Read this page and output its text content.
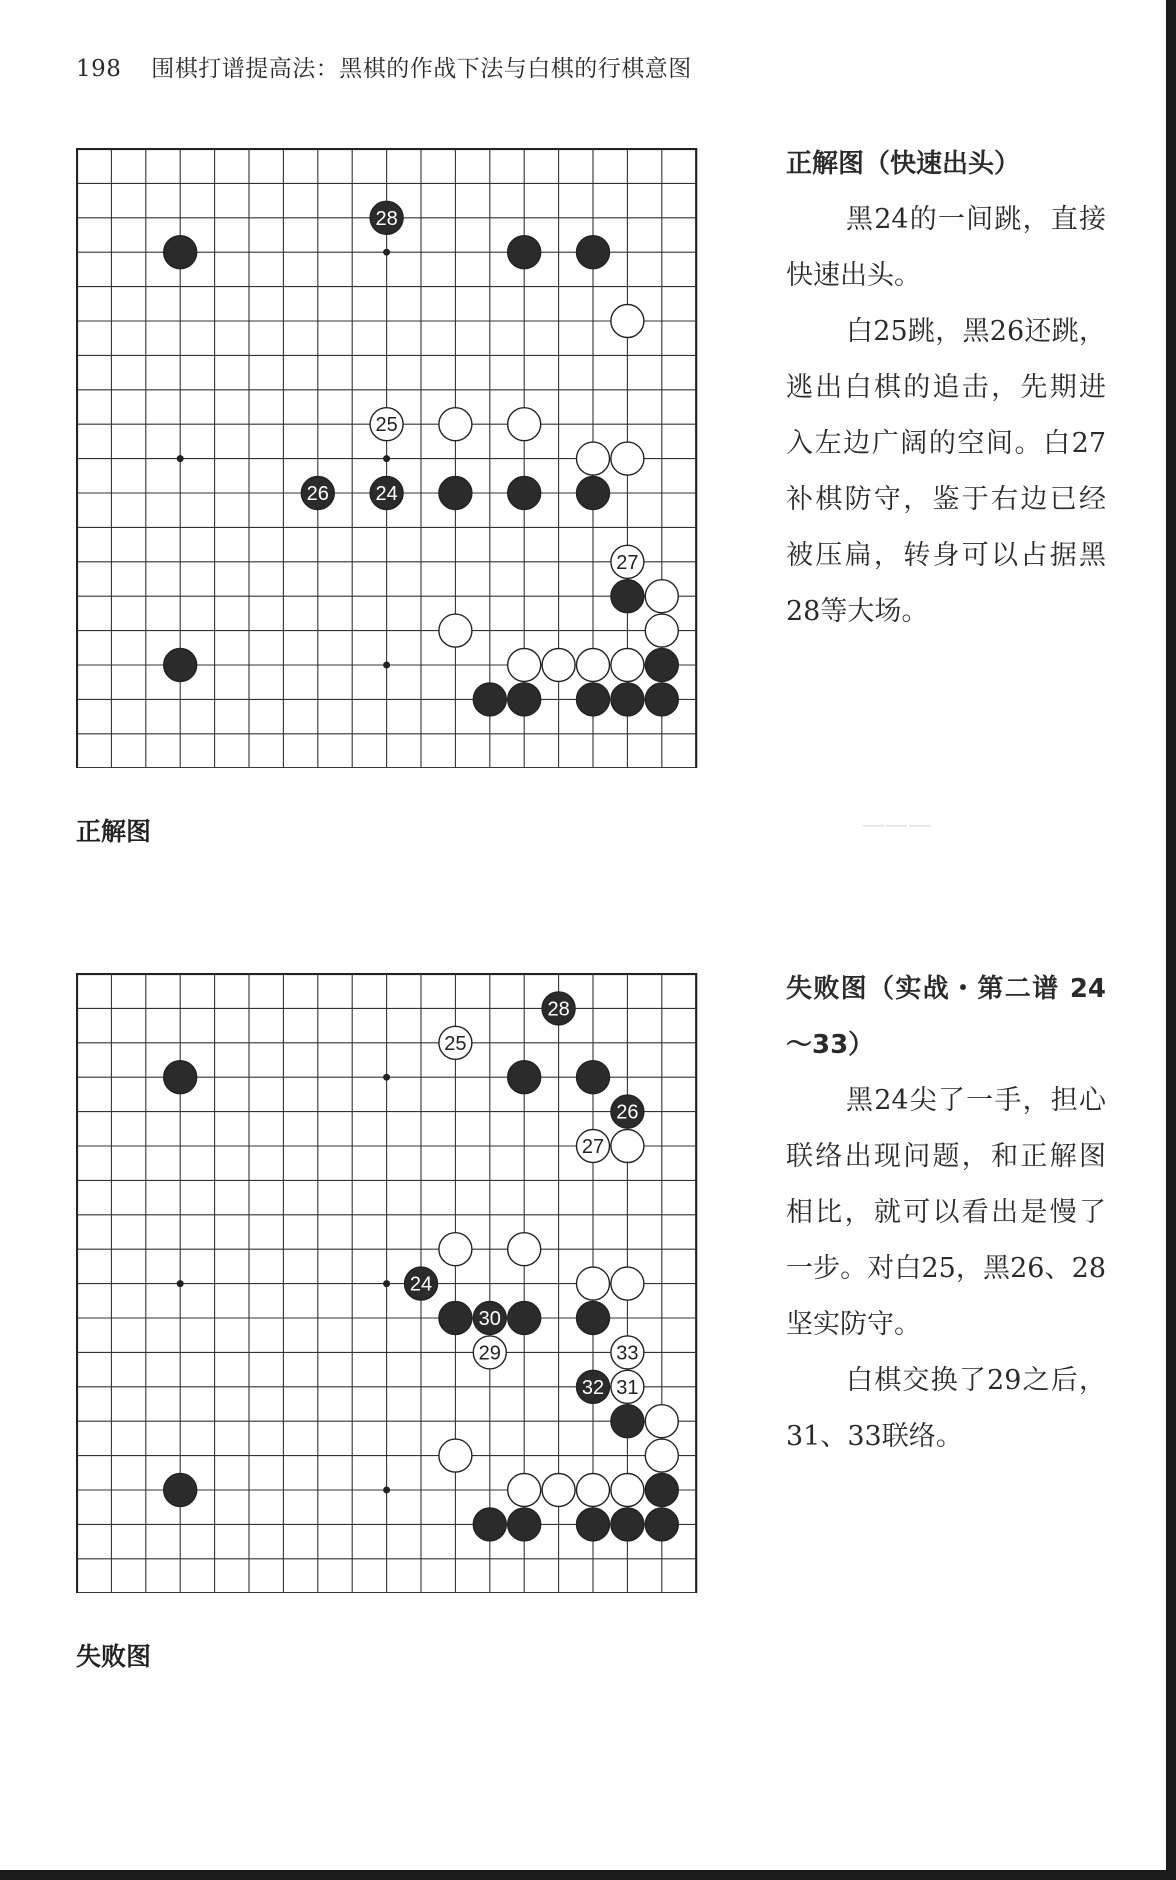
198 围棋打谱提高法：黑棋的作战下法与白棋的行棋意图
———
28
25
26 24
27
正解图

正解图（快速出头）

黑24的一间跳，直接快速出头。

白25跳，黑26还跳，逃出白棋的追击，先期进入左边广阔的空间。白27补棋防守，鉴于右边已经被压扁，转身可以占据黑28等大场。

28
25
26
27
24
30
29	33
32 31
失败图

失败图（实战・第二谱 24～33）

黑24尖了一手，担心联络出现问题，和正解图相比，就可以看出是慢了一步。对白25，黑26、28坚实防守。

白棋交换了29之后，31、33联络。
